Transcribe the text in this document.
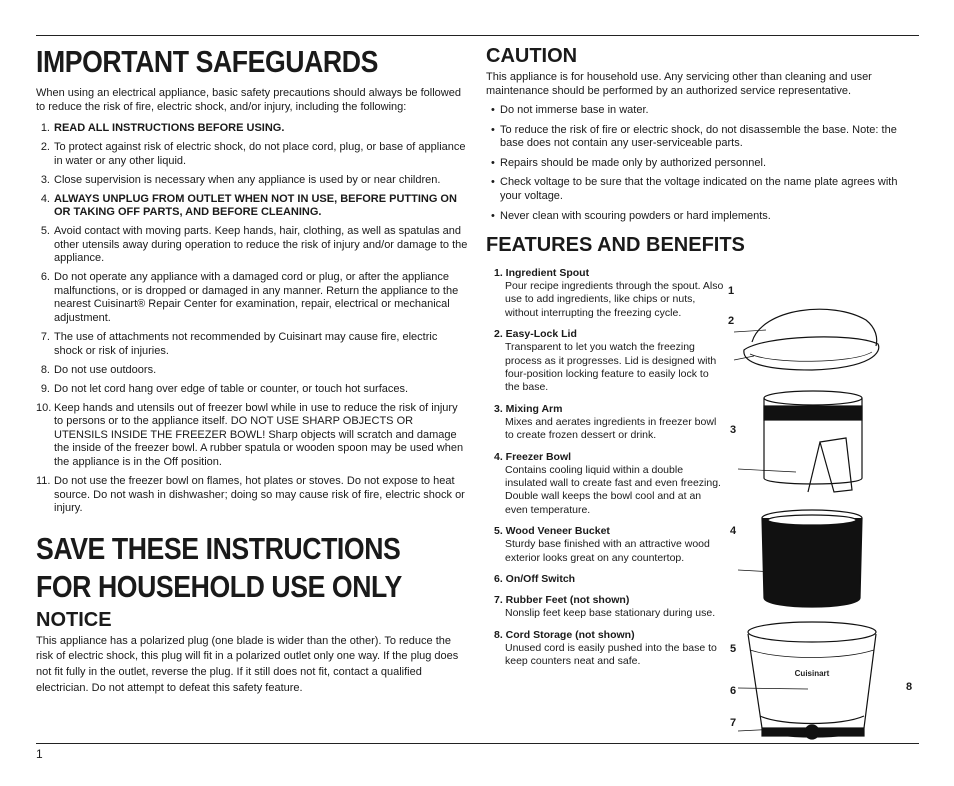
IMPORTANT SAFEGUARDS

When using an electrical appliance, basic safety precautions should always be followed to reduce the risk of fire, electric shock, and/or injury, including the following:

1. READ ALL INSTRUCTIONS BEFORE USING.
2. To protect against risk of electric shock, do not place cord, plug, or base of appliance in water or any other liquid.
3. Close supervision is necessary when any appliance is used by or near children.
4. ALWAYS UNPLUG FROM OUTLET WHEN NOT IN USE, BEFORE PUTTING ON OR TAKING OFF PARTS, AND BEFORE CLEANING.
5. Avoid contact with moving parts. Keep hands, hair, clothing, as well as spatulas and other utensils away during operation to reduce the risk of injury and/or damage to the appliance.
6. Do not operate any appliance with a damaged cord or plug, or after the appliance malfunctions, or is dropped or damaged in any manner. Return the appliance to the nearest Cuisinart® Repair Center for examination, repair, electrical or mechanical adjustment.
7. The use of attachments not recommended by Cuisinart may cause fire, electric shock or risk of injuries.
8. Do not use outdoors.
9. Do not let cord hang over edge of table or counter, or touch hot surfaces.
10. Keep hands and utensils out of freezer bowl while in use to reduce the risk of injury to persons or to the appliance itself. DO NOT USE SHARP OBJECTS OR UTENSILS INSIDE THE FREEZER BOWL! Sharp objects will scratch and damage the inside of the freezer bowl. A rubber spatula or wooden spoon may be used when the appliance is in the Off position.
11. Do not use the freezer bowl on flames, hot plates or stoves. Do not expose to heat source. Do not wash in dishwasher; doing so may cause risk of fire, electric shock or injury.
SAVE THESE INSTRUCTIONS
FOR HOUSEHOLD USE ONLY
NOTICE

This appliance has a polarized plug (one blade is wider than the other). To reduce the risk of electric shock, this plug will fit in a polarized outlet only one way. If the plug does not fit fully in the outlet, reverse the plug. If it still does not fit, contact a qualified electrician. Do not attempt to defeat this safety feature.

CAUTION

This appliance is for household use. Any servicing other than cleaning and user maintenance should be performed by an authorized service representative.

• Do not immerse base in water.
• To reduce the risk of fire or electric shock, do not disassemble the base. Note: the base does not contain any user-serviceable parts.
• Repairs should be made only by authorized personnel.
• Check voltage to be sure that the voltage indicated on the name plate agrees with your voltage.
• Never clean with scouring powders or hard implements.
FEATURES AND BENEFITS
1. Ingredient Spout
Pour recipe ingredients through the spout. Also use to add ingredients, like chips or nuts, without interrupting the freezing cycle.
2. Easy-Lock Lid
Transparent to let you watch the freezing process as it progresses. Lid is designed with four-position locking feature to easily lock to the base.
3. Mixing Arm
Mixes and aerates ingredients in freezer bowl to create frozen dessert or drink.
4. Freezer Bowl
Contains cooling liquid within a double insulated wall to create fast and even freezing. Double wall keeps the bowl cool and at an even temperature.
5. Wood Veneer Bucket
Sturdy base finished with an attractive wood exterior looks great on any countertop.
6. On/Off Switch
7. Rubber Feet (not shown)
Nonslip feet keep base stationary during use.
8. Cord Storage (not shown)
Unused cord is easily pushed into the base to keep counters neat and safe.
1
2
3
4
5
6
7
8
Cuisinart
1
